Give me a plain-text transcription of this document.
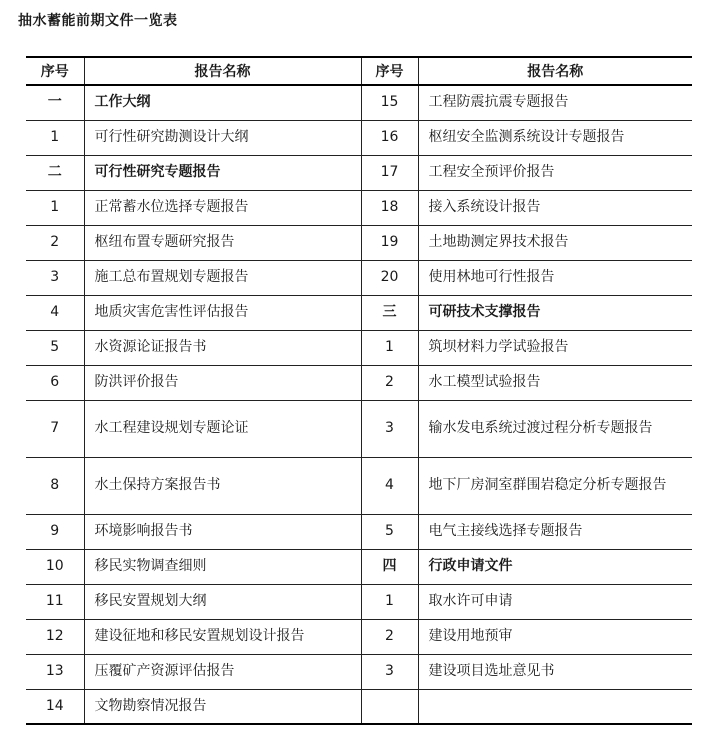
抽水蓄能前期文件一览表
序号	报告名称	序号	报告名称
一	工作大纲	15	工程防震抗震专题报告
1	可行性研究勘测设计大纲	16	枢纽安全监测系统设计专题报告
二	可行性研究专题报告	17	工程安全预评价报告
1	正常蓄水位选择专题报告	18	接入系统设计报告
2	枢纽布置专题研究报告	19	土地勘测定界技术报告
3	施工总布置规划专题报告	20	使用林地可行性报告
4	地质灾害危害性评估报告	三	可研技术支撑报告
5	水资源论证报告书	1	筑坝材料力学试验报告
6	防洪评价报告	2	水工模型试验报告
7	水工程建设规划专题论证	3	输水发电系统过渡过程分析专题报告
8	水土保持方案报告书	4	地下厂房洞室群围岩稳定分析专题报告
9	环境影响报告书	5	电气主接线选择专题报告
10	移民实物调查细则	四	行政申请文件
11	移民安置规划大纲	1	取水许可申请
12	建设征地和移民安置规划设计报告	2	建设用地预审
13	压覆矿产资源评估报告	3	建设项目选址意见书
14	文物勘察情况报告		
